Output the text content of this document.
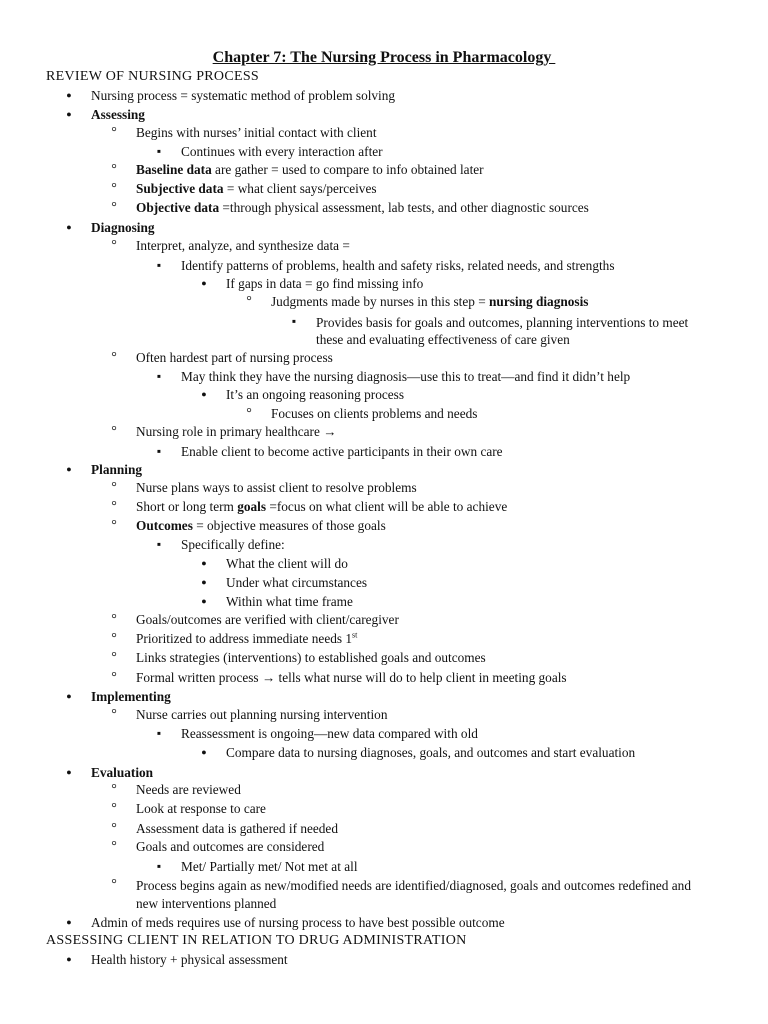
Chapter 7: The Nursing Process in Pharmacology
REVIEW OF NURSING PROCESS
●
Nursing process = systematic method of problem solving
●
Assessing
°
Begins with nurses’ initial contact with client
▪
Continues with every interaction after
°
Baseline data are gather = used to compare to info obtained later
°
Subjective data = what client says/perceives
°
Objective data =through physical assessment, lab tests, and other diagnostic sources
●
Diagnosing
°
Interpret, analyze, and synthesize data =
▪
Identify patterns of problems, health and safety risks, related needs, and strengths
●
If gaps in data = go find missing info
°
Judgments made by nurses in this step = nursing diagnosis
▪
Provides basis for goals and outcomes, planning interventions to meet these and evaluating effectiveness of care given
°
Often hardest part of nursing process
▪
May think they have the nursing diagnosis—use this to treat—and find it didn’t help
●
It’s an ongoing reasoning process
°
Focuses on clients problems and needs
°
Nursing role in primary healthcare →
▪
Enable client to become active participants in their own care
●
Planning
°
Nurse plans ways to assist client to resolve problems
°
Short or long term goals =focus on what client will be able to achieve
°
Outcomes = objective measures of those goals
▪
Specifically define:
●
What the client will do
●
Under what circumstances
●
Within what time frame
°
Goals/outcomes are verified with client/caregiver
°
Prioritized to address immediate needs 1st
°
Links strategies (interventions) to established goals and outcomes
°
Formal written process → tells what nurse will do to help client in meeting goals
●
Implementing
°
Nurse carries out planning nursing intervention
▪
Reassessment is ongoing—new data compared with old
●
Compare data to nursing diagnoses, goals, and outcomes and start evaluation
●
Evaluation
°
Needs are reviewed
°
Look at response to care
°
Assessment data is gathered if needed
°
Goals and outcomes are considered
▪
Met/ Partially met/ Not met at all
°
Process begins again as new/modified needs are identified/diagnosed, goals and outcomes redefined and new interventions planned
●
Admin of meds requires use of nursing process to have best possible outcome
ASSESSING CLIENT IN RELATION TO DRUG ADMINISTRATION
●
Health history + physical assessment
